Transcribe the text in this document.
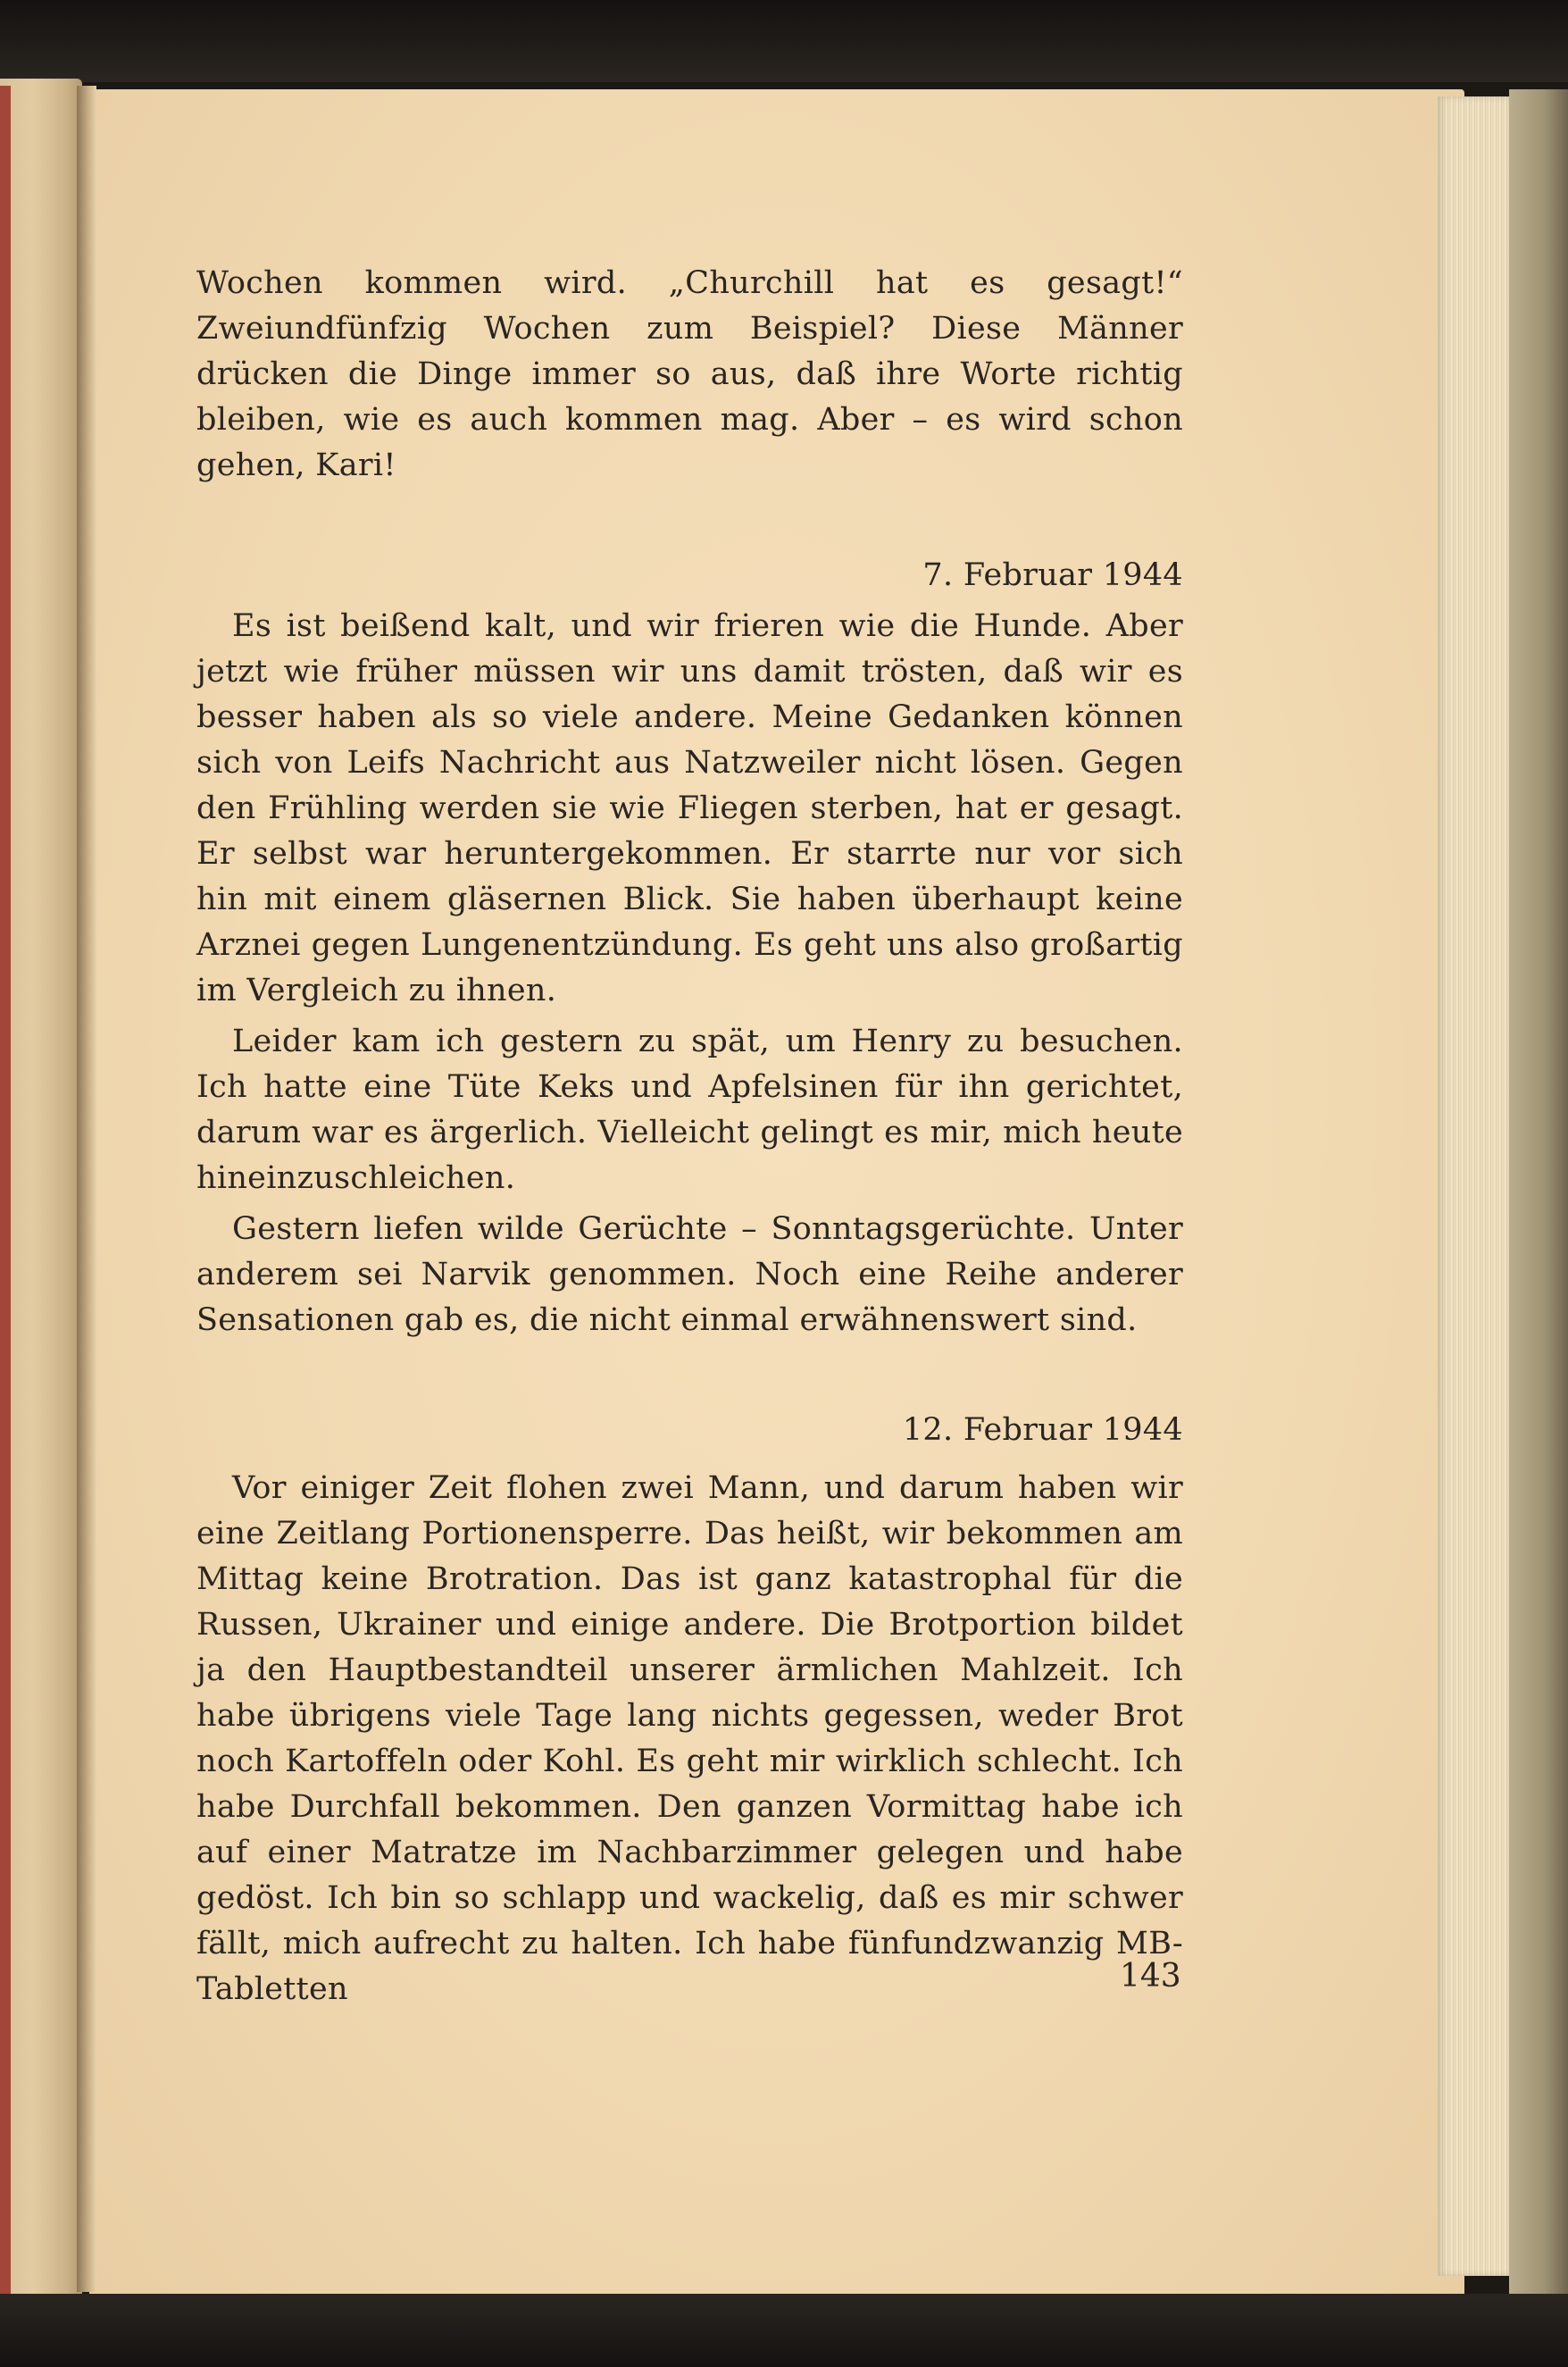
Wochen kommen wird. „Churchill hat es gesagt!“ Zweiundfünfzig Wochen zum Beispiel? Diese Männer drücken die Dinge immer so aus, daß ihre Worte richtig bleiben, wie es auch kommen mag. Aber – es wird schon gehen, Kari!

7. Februar 1944

Es ist beißend kalt, und wir frieren wie die Hunde. Aber jetzt wie früher müssen wir uns damit trösten, daß wir es besser haben als so viele andere. Meine Gedanken können sich von Leifs Nachricht aus Natzweiler nicht lösen. Gegen den Frühling werden sie wie Fliegen sterben, hat er gesagt. Er selbst war heruntergekommen. Er starrte nur vor sich hin mit einem gläsernen Blick. Sie haben überhaupt keine Arznei gegen Lungenentzündung. Es geht uns also großartig im Vergleich zu ihnen.

Leider kam ich gestern zu spät, um Henry zu besuchen. Ich hatte eine Tüte Keks und Apfelsinen für ihn gerichtet, darum war es ärgerlich. Vielleicht gelingt es mir, mich heute hineinzuschleichen.

Gestern liefen wilde Gerüchte – Sonntagsgerüchte. Unter anderem sei Narvik genommen. Noch eine Reihe anderer Sensationen gab es, die nicht einmal erwähnenswert sind.

12. Februar 1944

Vor einiger Zeit flohen zwei Mann, und darum haben wir eine Zeitlang Portionensperre. Das heißt, wir bekommen am Mittag keine Brotration. Das ist ganz katastrophal für die Russen, Ukrainer und einige andere. Die Brotportion bildet ja den Hauptbestandteil unserer ärmlichen Mahlzeit. Ich habe übrigens viele Tage lang nichts gegessen, weder Brot noch Kartoffeln oder Kohl. Es geht mir wirklich schlecht. Ich habe Durchfall bekommen. Den ganzen Vormittag habe ich auf einer Matratze im Nachbarzimmer gelegen und habe gedöst. Ich bin so schlapp und wackelig, daß es mir schwer fällt, mich aufrecht zu halten. Ich habe fünfundzwanzig MB-Tabletten	143
